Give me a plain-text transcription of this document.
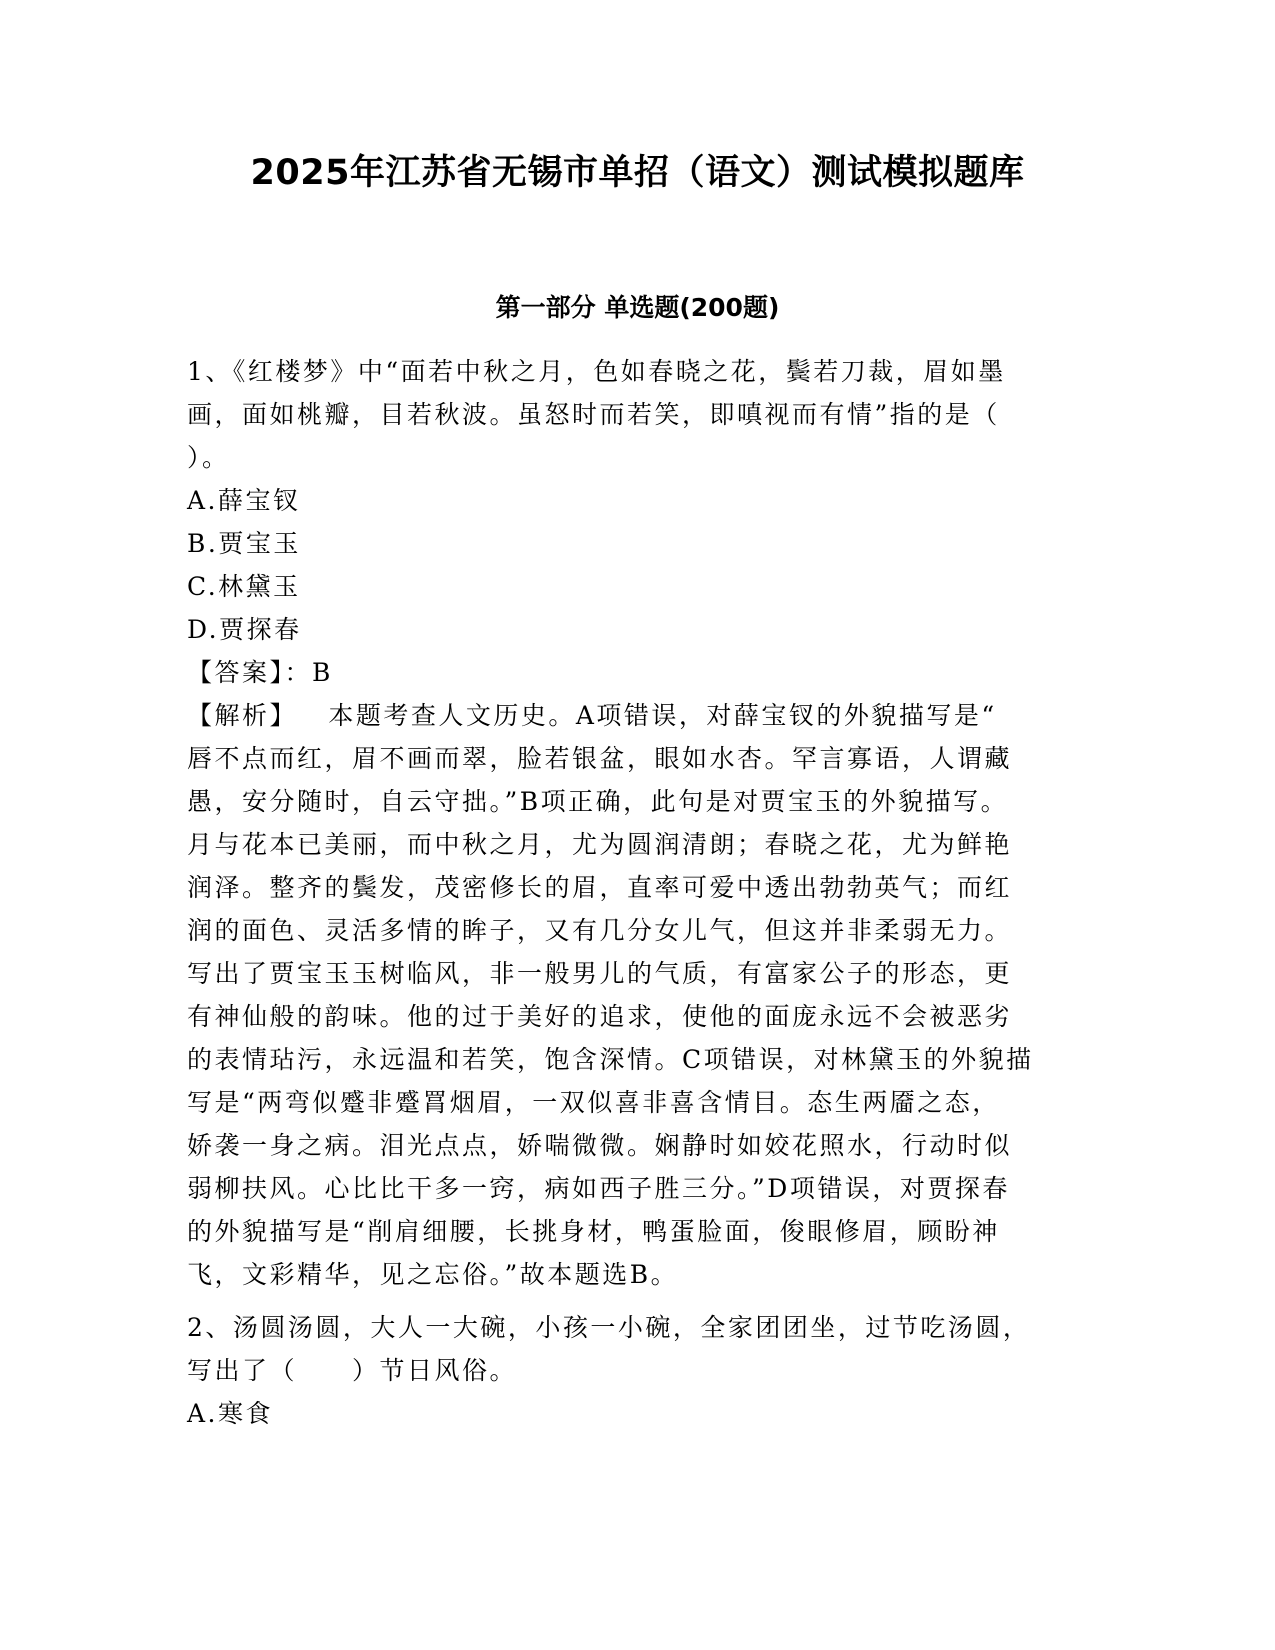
2025年江苏省无锡市单招（语文）测试模拟题库
第一部分 单选题(200题)
1、《红楼梦》中“面若中秋之月，色如春晓之花，鬓若刀裁，眉如墨
画，面如桃瓣，目若秋波。虽怒时而若笑，即嗔视而有情”指的是（
）。
A.薛宝钗
B.贾宝玉
C.林黛玉
D.贾探春
【答案】：B
【解析】   本题考查人文历史。A项错误，对薛宝钗的外貌描写是“
唇不点而红，眉不画而翠，脸若银盆，眼如水杏。罕言寡语，人谓藏
愚，安分随时，自云守拙。”B项正确，此句是对贾宝玉的外貌描写。
月与花本已美丽，而中秋之月，尤为圆润清朗；春晓之花，尤为鲜艳
润泽。整齐的鬓发，茂密修长的眉，直率可爱中透出勃勃英气；而红
润的面色、灵活多情的眸子，又有几分女儿气，但这并非柔弱无力。
写出了贾宝玉玉树临风，非一般男儿的气质，有富家公子的形态，更
有神仙般的韵味。他的过于美好的追求，使他的面庞永远不会被恶劣
的表情玷污，永远温和若笑，饱含深情。C项错误，对林黛玉的外貌描
写是“两弯似蹙非蹙罥烟眉，一双似喜非喜含情目。态生两靥之态，
娇袭一身之病。泪光点点，娇喘微微。娴静时如姣花照水，行动时似
弱柳扶风。心比比干多一窍，病如西子胜三分。”D项错误，对贾探春
的外貌描写是“削肩细腰，长挑身材，鸭蛋脸面，俊眼修眉，顾盼神
飞，文彩精华，见之忘俗。”故本题选B。
2、汤圆汤圆，大人一大碗，小孩一小碗，全家团团坐，过节吃汤圆，
写出了（　　）节日风俗。
A.寒食
